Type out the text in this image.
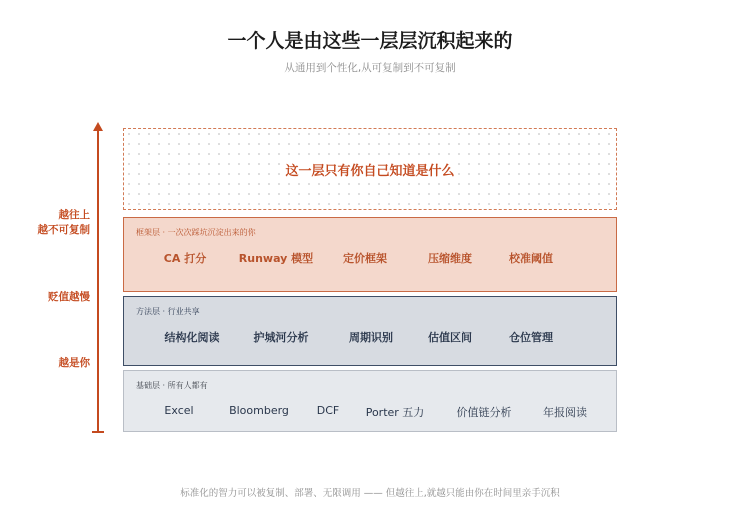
一个人是由这些一层层沉积起来的
从通用到个性化,从可复制到不可复制
越往上
越不可复制
贬值越慢
越是你
这一层只有你自己知道是什么
框架层 · 一次次踩坑沉淀出来的你
CA 打分	Runway 模型	定价框架	压缩维度	校准阈值
方法层 · 行业共享
结构化阅读	护城河分析	周期识别	估值区间	仓位管理
基础层 · 所有人都有
Excel	Bloomberg	DCF Porter 五力	价值链分析	年报阅读
标准化的智力可以被复制、部署、无限调用 —— 但越往上,就越只能由你在时间里亲手沉积
